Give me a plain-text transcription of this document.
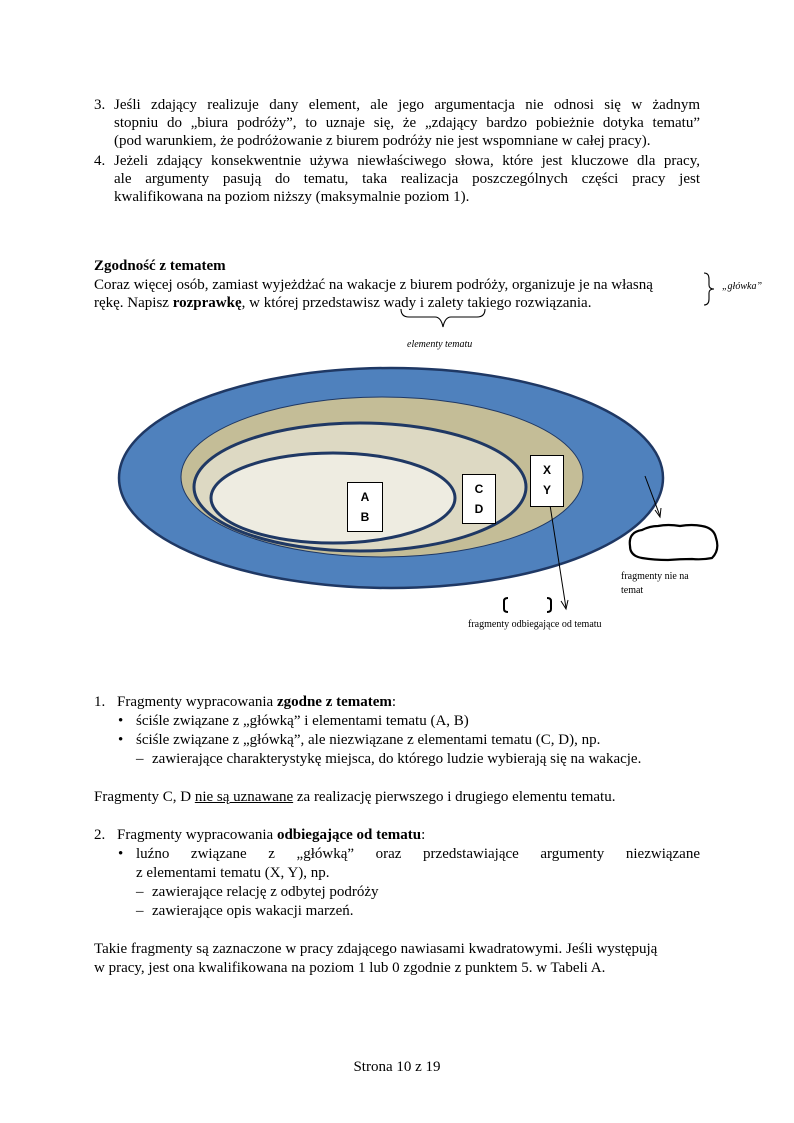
3. Jeśli zdający realizuje dany element, ale jego argumentacja nie odnosi się w żadnym
stopniu do „biura podróży”, to uznaje się, że „zdający bardzo pobieżnie dotyka tematu”
(pod warunkiem, że podróżowanie z biurem podróży nie jest wspomniane w całej pracy).
4. Jeżeli zdający konsekwentnie używa niewłaściwego słowa, które jest kluczowe dla pracy,
ale argumenty pasują do tematu, taka realizacja poszczególnych części pracy jest
kwalifikowana na poziom niższy (maksymalnie poziom 1).
Zgodność z tematem
Coraz więcej osób, zamiast wyjeżdżać na wakacje z biurem podróży, organizuje je na własną
rękę. Napisz rozprawkę, w której przedstawisz wady i zalety takiego rozwiązania.
„główka”
elementy tematu
A
B
C
D
X
Y
fragmenty nie na
temat
fragmenty odbiegające od tematu
1. Fragmenty wypracowania zgodne z tematem:
• ściśle związane z „główką” i elementami tematu (A, B)
• ściśle związane z „główką”, ale niezwiązane z elementami tematu (C, D), np.
– zawierające charakterystykę miejsca, do którego ludzie wybierają się na wakacje.
Fragmenty C, D nie są uznawane za realizację pierwszego i drugiego elementu tematu.
2. Fragmenty wypracowania odbiegające od tematu:
• luźno związane z „główką” oraz przedstawiające argumenty niezwiązane
z elementami tematu (X, Y), np.
– zawierające relację z odbytej podróży
– zawierające opis wakacji marzeń.
Takie fragmenty są zaznaczone w pracy zdającego nawiasami kwadratowymi. Jeśli występują
w pracy, jest ona kwalifikowana na poziom 1 lub 0 zgodnie z punktem 5. w Tabeli A.
Strona 10 z 19
